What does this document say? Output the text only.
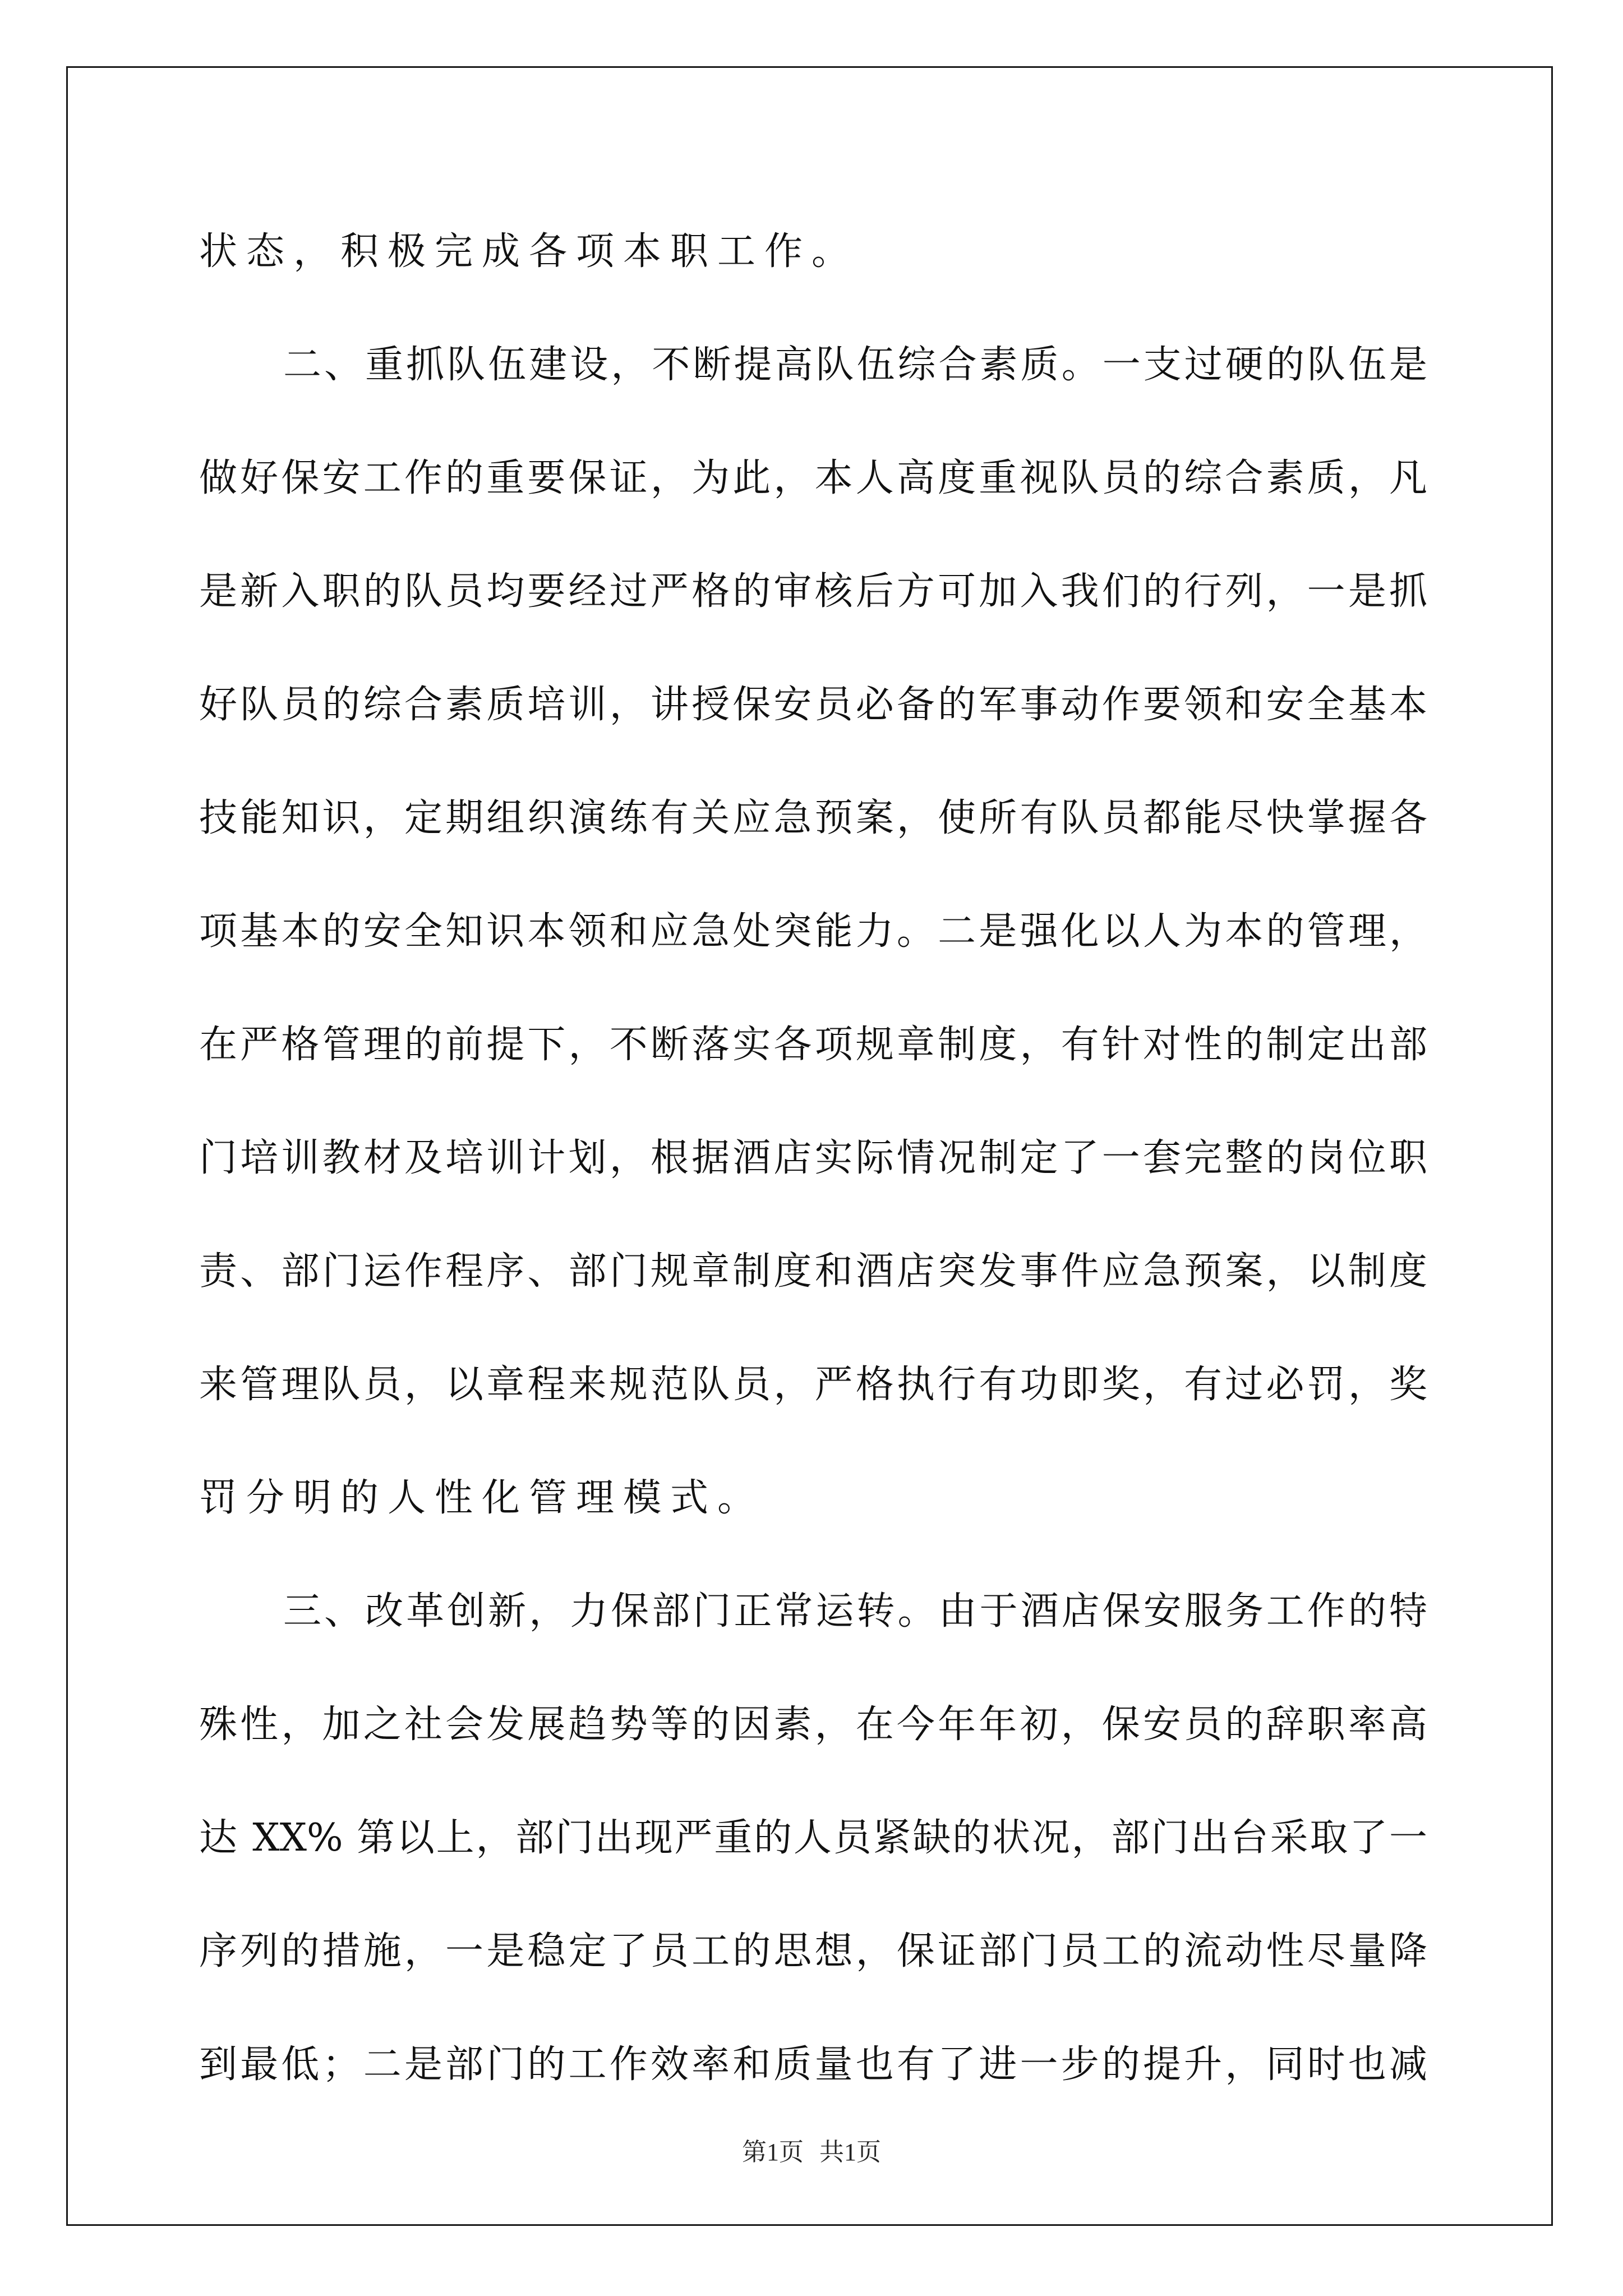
状态，积极完成各项本职工作。
二、重抓队伍建设，不断提高队伍综合素质。一支过硬的队伍是
做好保安工作的重要保证，为此，本人高度重视队员的综合素质，凡
是新入职的队员均要经过严格的审核后方可加入我们的行列，一是抓
好队员的综合素质培训，讲授保安员必备的军事动作要领和安全基本
技能知识，定期组织演练有关应急预案，使所有队员都能尽快掌握各
项基本的安全知识本领和应急处突能力。二是强化以人为本的管理，
在严格管理的前提下，不断落实各项规章制度，有针对性的制定出部
门培训教材及培训计划，根据酒店实际情况制定了一套完整的岗位职
责、部门运作程序、部门规章制度和酒店突发事件应急预案，以制度
来管理队员，以章程来规范队员，严格执行有功即奖，有过必罚，奖
罚分明的人性化管理模式。
三、改革创新，力保部门正常运转。由于酒店保安服务工作的特
殊性，加之社会发展趋势等的因素，在今年年初，保安员的辞职率高
达 XX% 第以上，部门出现严重的人员紧缺的状况，部门出台采取了一
序列的措施，一是稳定了员工的思想，保证部门员工的流动性尽量降
到最低；二是部门的工作效率和质量也有了进一步的提升，同时也减
第1页 共1页
